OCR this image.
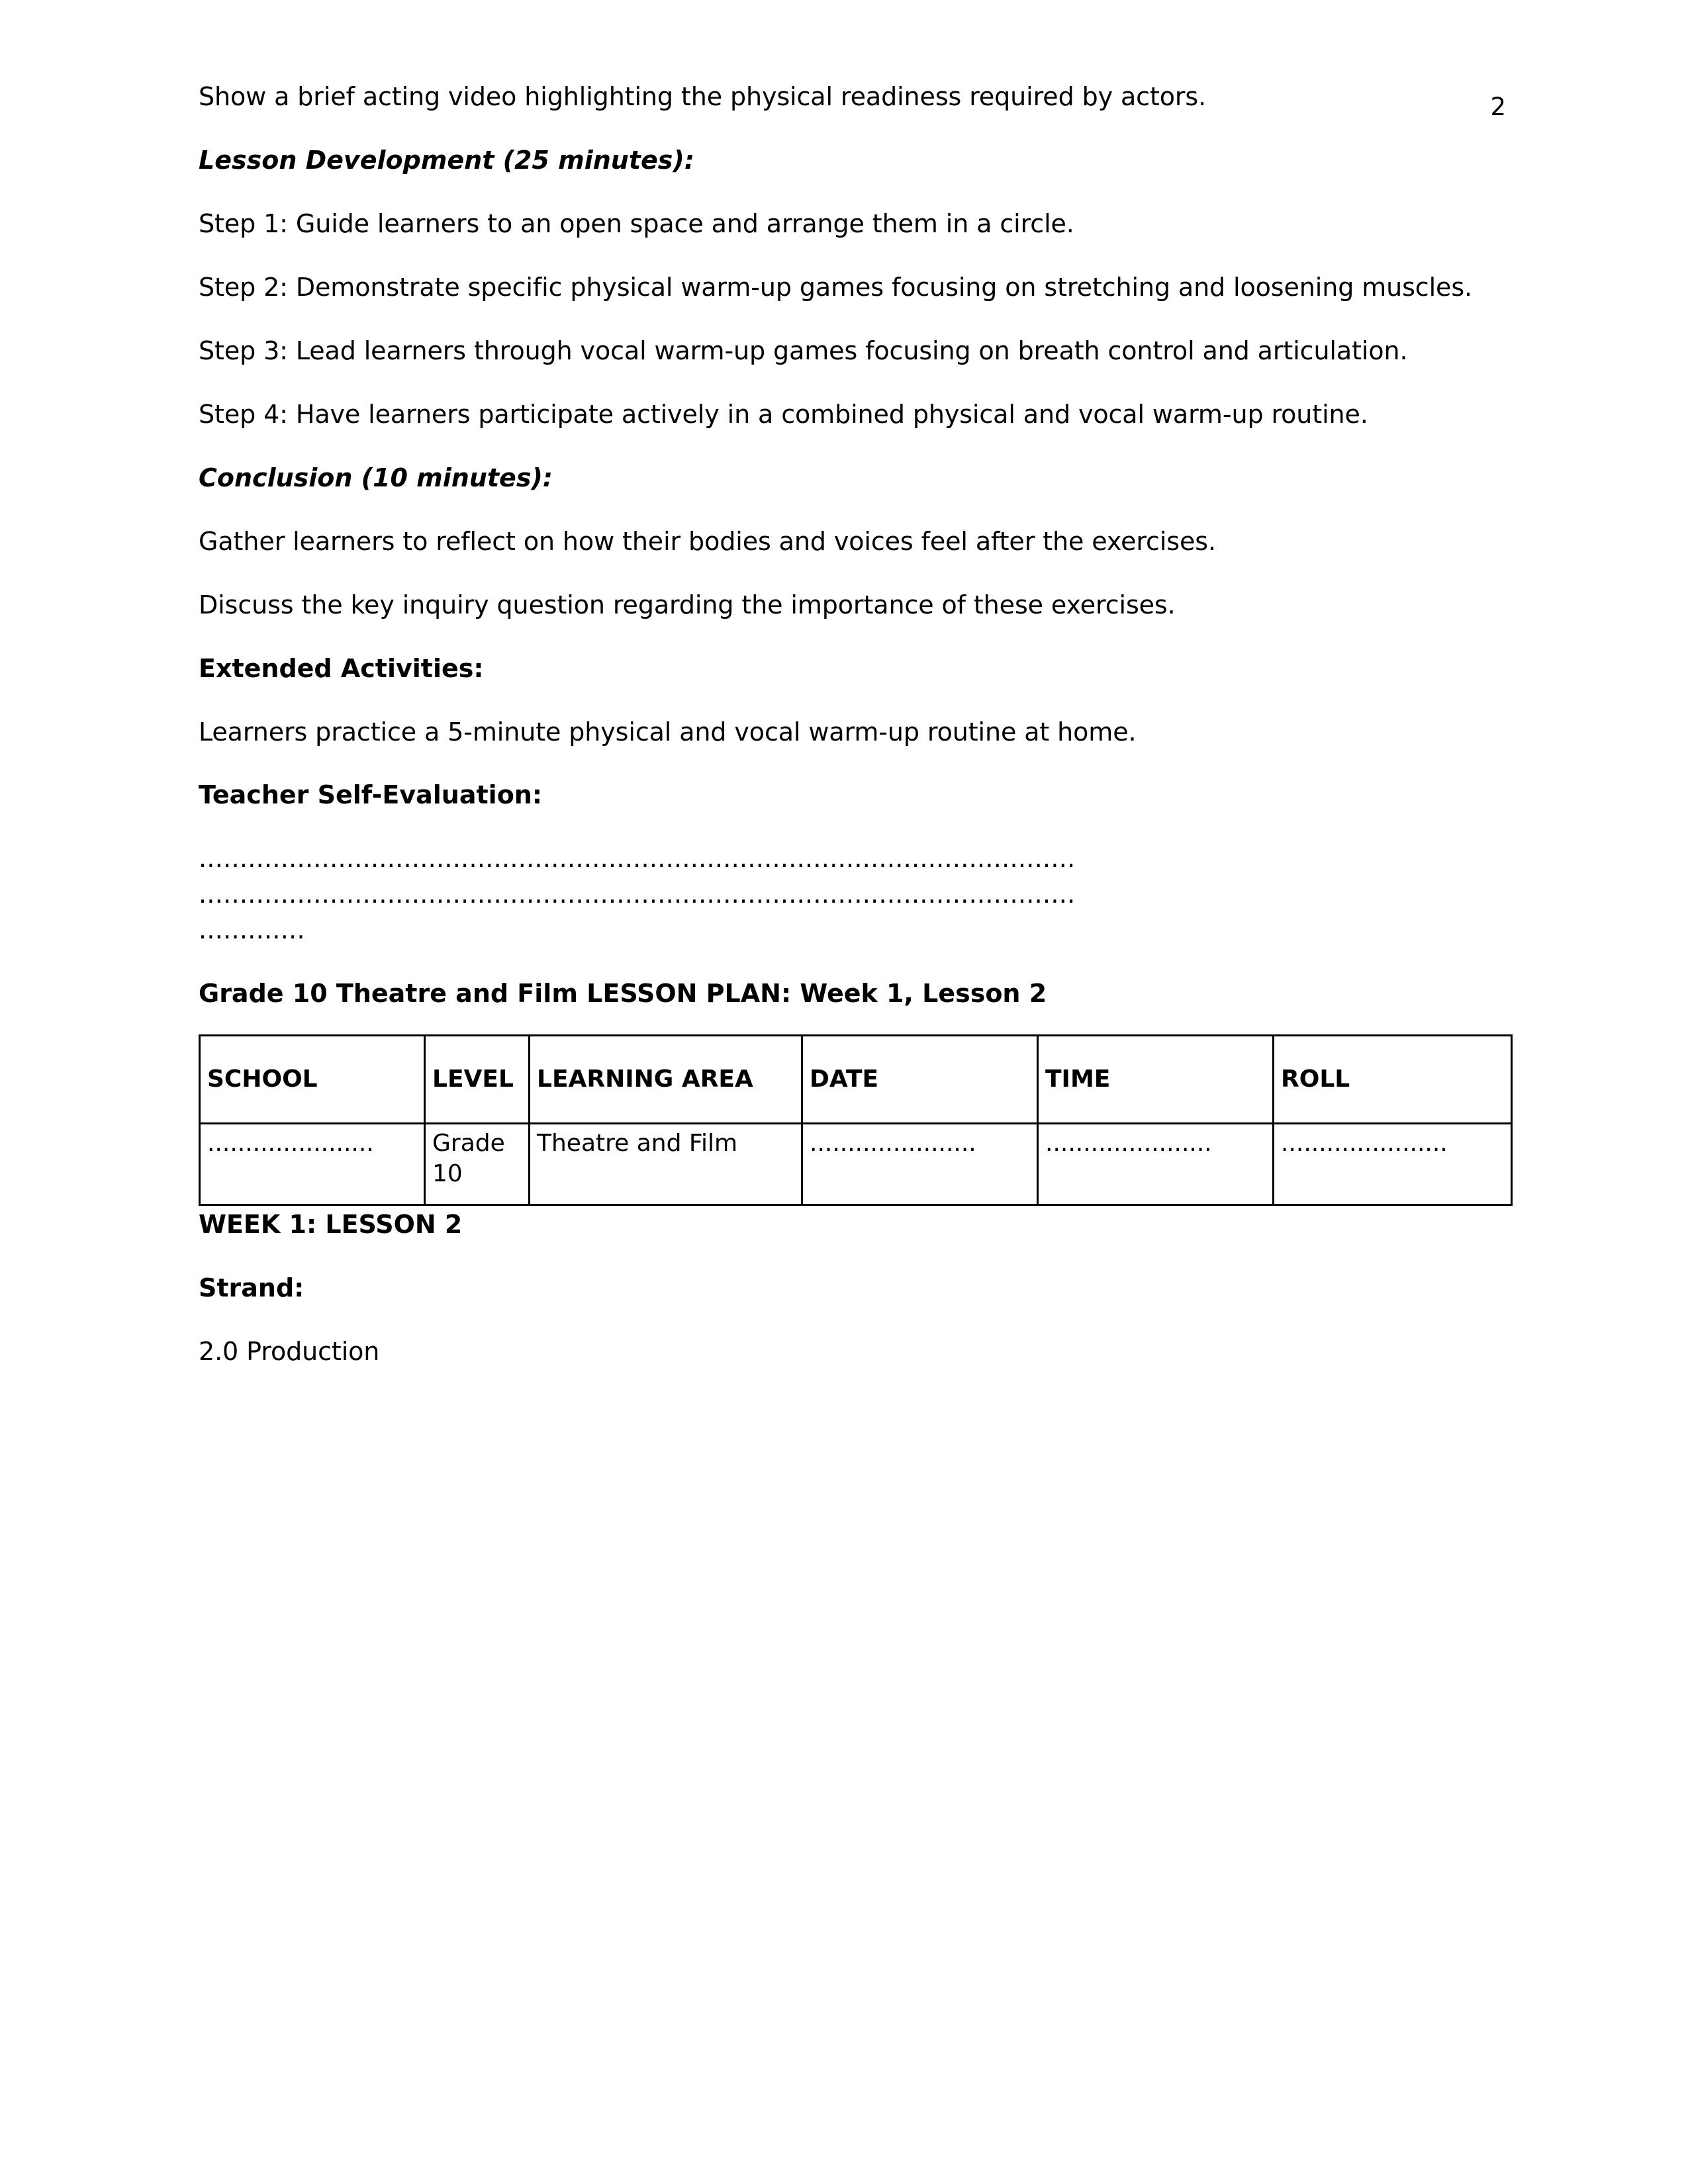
2

Show a brief acting video highlighting the physical readiness required by actors.

Lesson Development (25 minutes):

Step 1: Guide learners to an open space and arrange them in a circle.

Step 2: Demonstrate specific physical warm-up games focusing on stretching and loosening muscles.

Step 3: Lead learners through vocal warm-up games focusing on breath control and articulation.

Step 4: Have learners participate actively in a combined physical and vocal warm-up routine.

Conclusion (10 minutes):

Gather learners to reflect on how their bodies and voices feel after the exercises.

Discuss the key inquiry question regarding the importance of these exercises.

Extended Activities:

Learners practice a 5-minute physical and vocal warm-up routine at home.

Teacher Self-Evaluation:

...........................................................................................................

...........................................................................................................

.............

Grade 10 Theatre and Film LESSON PLAN: Week 1, Lesson 2

SCHOOL	LEVEL	LEARNING AREA	DATE	TIME	ROLL
......................	Grade 10	Theatre and Film	......................	......................	......................

WEEK 1: LESSON 2

Strand:

2.0 Production
